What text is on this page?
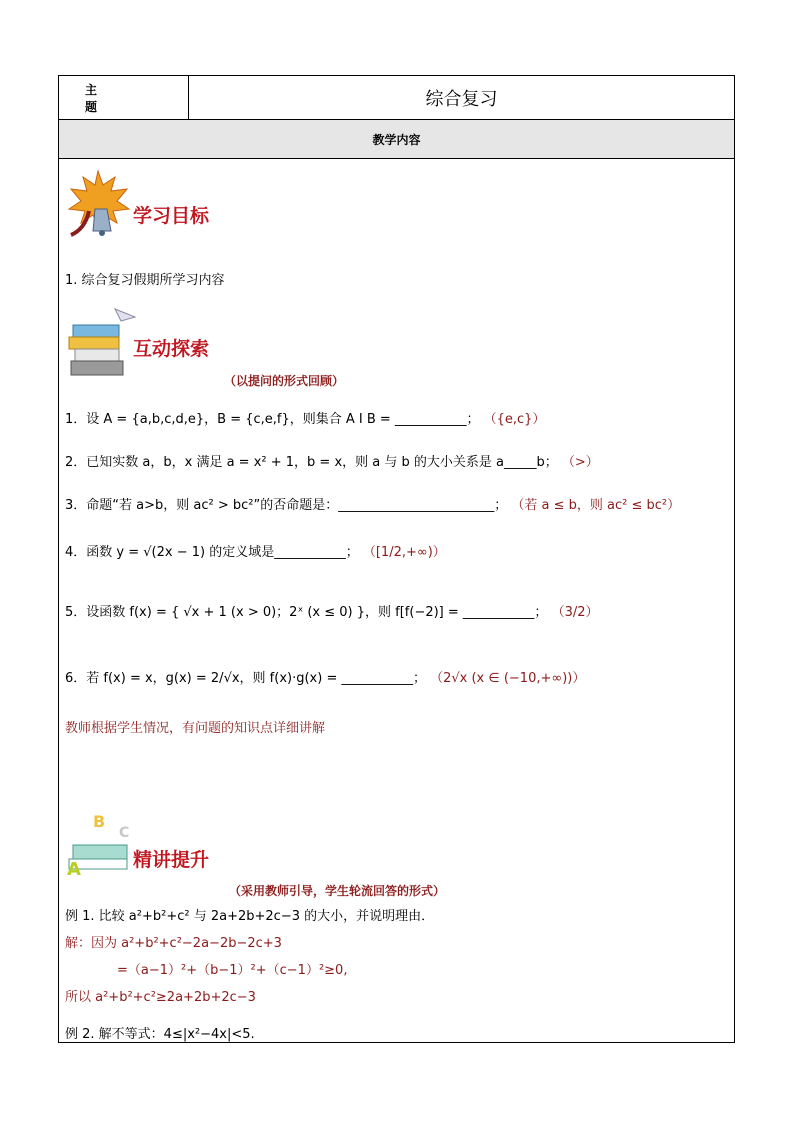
主 题	综合复习
教学内容
学习目标
1. 综合复习假期所学习内容
互动探索
（以提问的形式回顾）
1．设 A = {a,b,c,d,e}，B = {c,e,f}，则集合 A I B = ___________； （{e,c}）
2．已知实数 a，b，x 满足 a = x² + 1，b = x，则 a 与 b 的大小关系是 a_____b； （>）
3．命题“若 a>b，则 ac² > bc²”的否命题是：________________________； （若 a ≤ b，则 ac² ≤ bc²）
4．函数 y = √(2x − 1) 的定义域是___________； （[1/2,+∞)）
5．设函数 f(x) = { √x + 1 (x > 0)；2ˣ (x ≤ 0) }，则 f[f(−2)] = ___________； （3/2）
6．若 f(x) = x，g(x) = 2/√x，则 f(x)·g(x) = ___________； （2√x (x ∈ (−10,+∞))）
教师根据学生情况，有问题的知识点详细讲解
B
C
A	精讲提升
（采用教师引导，学生轮流回答的形式）
例 1. 比较 a²+b²+c² 与 2a+2b+2c−3 的大小，并说明理由．
解：因为 a²+b²+c²−2a−2b−2c+3
=（a−1）²+（b−1）²+（c−1）²≥0,
所以 a²+b²+c²≥2a+2b+2c−3
例 2. 解不等式：4≤|x²−4x|<5.
